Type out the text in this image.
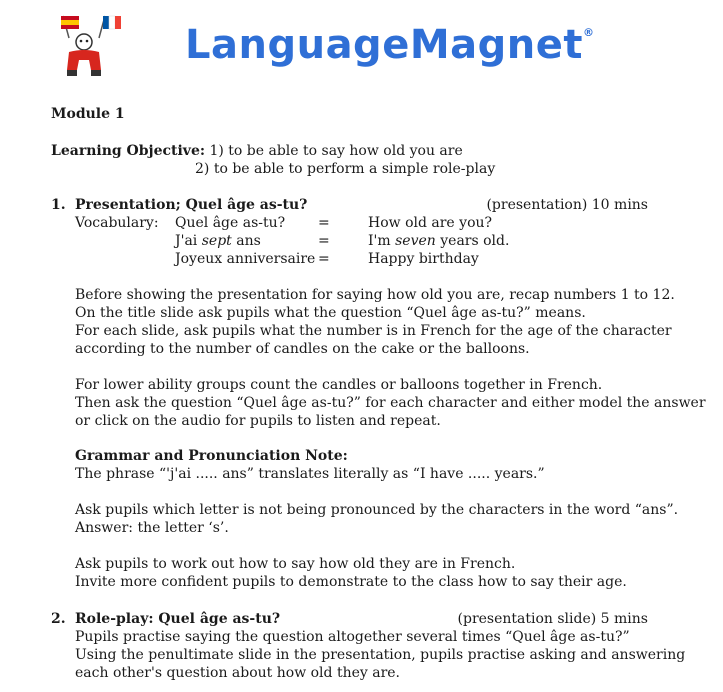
LanguageMagnet®
Module 1
Learning Objective: 1) to be able to say how old you are
2) to be able to perform a simple role-play
1. Presentation; Quel âge as-tu?	(presentation) 10 mins
Vocabulary: Quel âge as-tu? =	How old are you?
J'ai sept ans	=	I'm seven years old.
Joyeux anniversaire =	Happy birthday
Before showing the presentation for saying how old you are, recap numbers 1 to 12.
On the title slide ask pupils what the question “Quel âge as-tu?” means.
For each slide, ask pupils what the number is in French for the age of the character
according to the number of candles on the cake or the balloons.
For lower ability groups count the candles or balloons together in French.
Then ask the question “Quel âge as-tu?” for each character and either model the answer
or click on the audio for pupils to listen and repeat.
Grammar and Pronunciation Note:
The phrase “'j'ai ..... ans” translates literally as “I have ..... years.”
Ask pupils which letter is not being pronounced by the characters in the word “ans”.
Answer: the letter ‘s’.
Ask pupils to work out how to say how old they are in French.
Invite more confident pupils to demonstrate to the class how to say their age.
2. Role-play: Quel âge as-tu?	(presentation slide) 5 mins
Pupils practise saying the question altogether several times “Quel âge as-tu?”
Using the penultimate slide in the presentation, pupils practise asking and answering
each other's question about how old they are.
